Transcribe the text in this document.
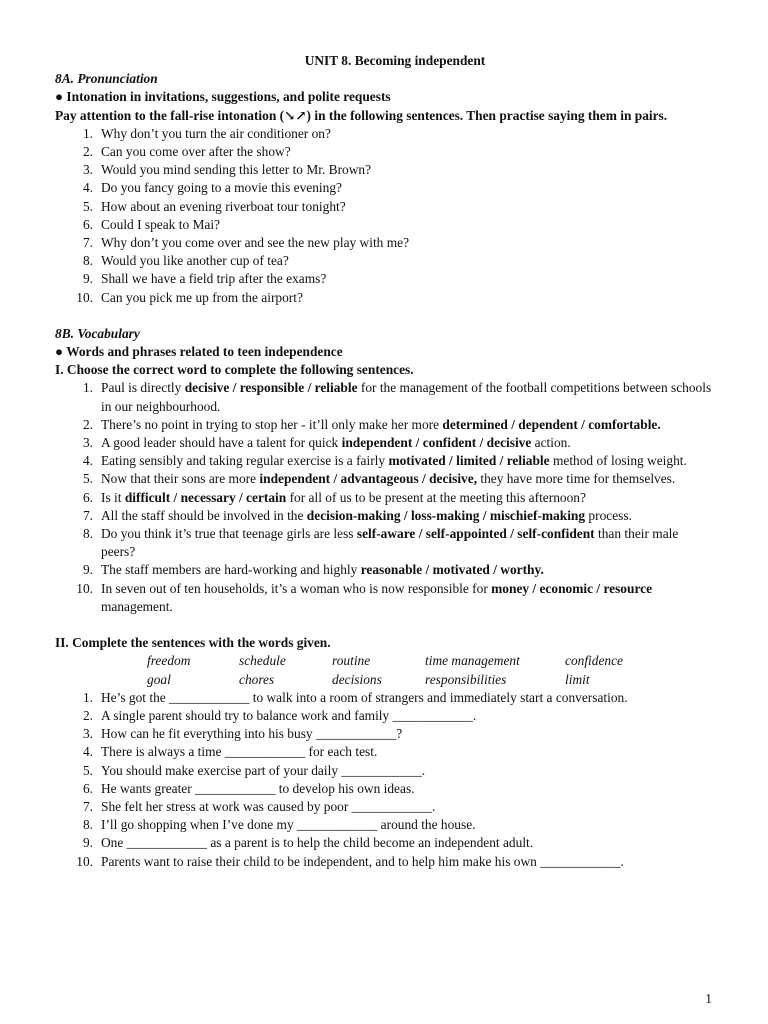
UNIT 8. Becoming independent
8A. Pronunciation
● Intonation in invitations, suggestions, and polite requests
Pay attention to the fall-rise intonation (↘↗) in the following sentences. Then practise saying them in pairs.
1. Why don’t you turn the air conditioner on?
2. Can you come over after the show?
3. Would you mind sending this letter to Mr. Brown?
4. Do you fancy going to a movie this evening?
5. How about an evening riverboat tour tonight?
6. Could I speak to Mai?
7. Why don’t you come over and see the new play with me?
8. Would you like another cup of tea?
9. Shall we have a field trip after the exams?
10. Can you pick me up from the airport?
8B. Vocabulary
● Words and phrases related to teen independence
I. Choose the correct word to complete the following sentences.
1. Paul is directly decisive / responsible / reliable for the management of the football competitions between schools in our neighbourhood.
2. There’s no point in trying to stop her - it’ll only make her more determined / dependent / comfortable.
3. A good leader should have a talent for quick independent / confident / decisive action.
4. Eating sensibly and taking regular exercise is a fairly motivated / limited / reliable method of losing weight.
5. Now that their sons are more independent / advantageous / decisive, they have more time for themselves.
6. Is it difficult / necessary / certain for all of us to be present at the meeting this afternoon?
7. All the staff should be involved in the decision-making / loss-making / mischief-making process.
8. Do you think it’s true that teenage girls are less self-aware / self-appointed / self-confident than their male peers?
9. The staff members are hard-working and highly reasonable / motivated / worthy.
10. In seven out of ten households, it’s a woman who is now responsible for money / economic / resource management.
II. Complete the sentences with the words given.
freedom	schedule	routine	time management	confidence
goal	chores	decisions	responsibilities	limit
1. He’s got the ____________ to walk into a room of strangers and immediately start a conversation.
2. A single parent should try to balance work and family ____________.
3. How can he fit everything into his busy ____________?
4. There is always a time ____________ for each test.
5. You should make exercise part of your daily ____________.
6. He wants greater ____________ to develop his own ideas.
7. She felt her stress at work was caused by poor ____________.
8. I’ll go shopping when I’ve done my ____________ around the house.
9. One ____________ as a parent is to help the child become an independent adult.
10. Parents want to raise their child to be independent, and to help him make his own ____________.
1
